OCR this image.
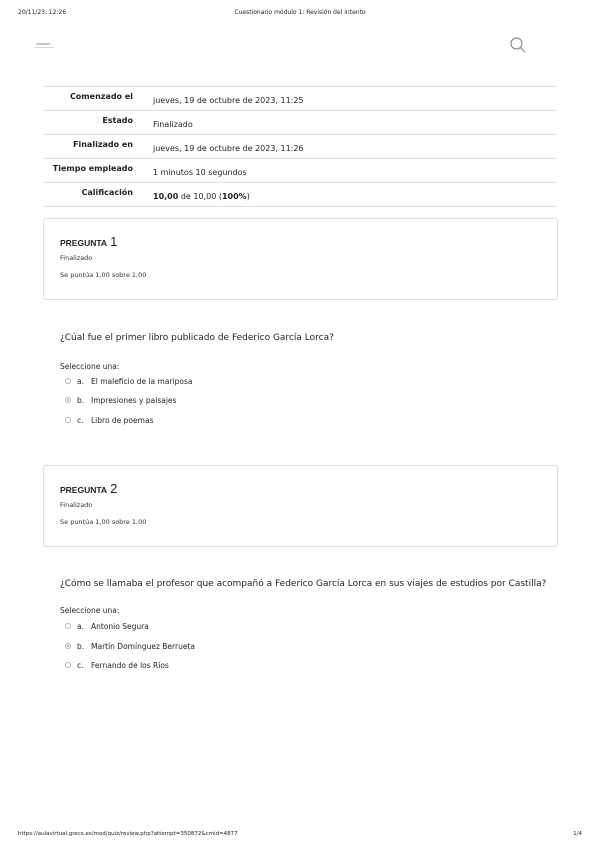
20/11/23, 12:26	Cuestionario módulo 1: Revisión del intento
Comenzado el	jueves, 19 de octubre de 2023, 11:25
Estado	Finalizado
Finalizado en	jueves, 19 de octubre de 2023, 11:26
Tiempo empleado	1 minutos 10 segundos
Calificación	10,00 de 10,00 (100%)
PREGUNTA 1
Finalizado
Se puntúa 1,00 sobre 1,00
¿Cúal fue el primer libro publicado de Federico García Lorca?
Seleccione una:
a. El maleficio de la mariposa
b. Impresiones y paisajes
c. Libro de poemas
PREGUNTA 2
Finalizado
Se puntúa 1,00 sobre 1,00
¿Cómo se llamaba el profesor que acompañó a Federico García Lorca en sus viajes de estudios por Castilla?
Seleccione una:
a. Antonio Segura
b. Martín Domínguez Berrueta
c. Fernando de los Ríos
https://aulavirtual.grecs.es/mod/quiz/review.php?attempt=350872&cmid=4877	1/4
